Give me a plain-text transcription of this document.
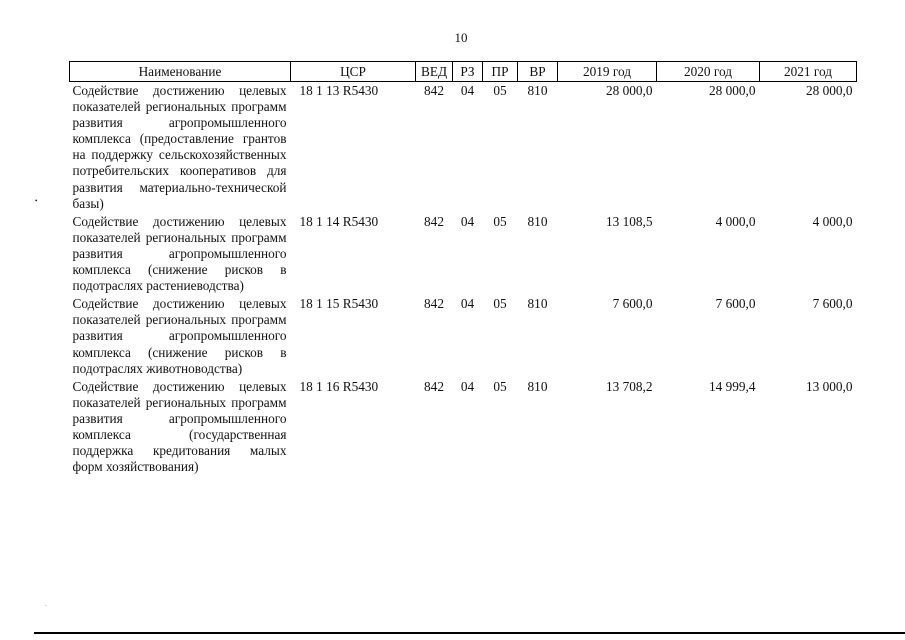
10
Наименование	ЦСР	ВЕД	РЗ	ПР	ВР	2019 год	2020 год	2021 год
Содействие достижению целевых показателей региональных программ развития агропромышленного комплекса (предоставление грантов на поддержку сельскохозяйственных потребительских кооперативов для развития материально-технической базы)	18 1 13 R5430	842	04	05	810	28 000,0	28 000,0	28 000,0
Содействие достижению целевых показателей региональных программ развития агропромышленного комплекса (снижение рисков в подотраслях растениеводства)	18 1 14 R5430	842	04	05	810	13 108,5	4 000,0	4 000,0
Содействие достижению целевых показателей региональных программ развития агропромышленного комплекса (снижение рисков в подотраслях животноводства)	18 1 15 R5430	842	04	05	810	7 600,0	7 600,0	7 600,0
Содействие достижению целевых показателей региональных программ развития агропромышленного комплекса (государственная поддержка кредитования малых форм хозяйствования)	18 1 16 R5430	842	04	05	810	13 708,2	14 999,4	13 000,0
•
-
